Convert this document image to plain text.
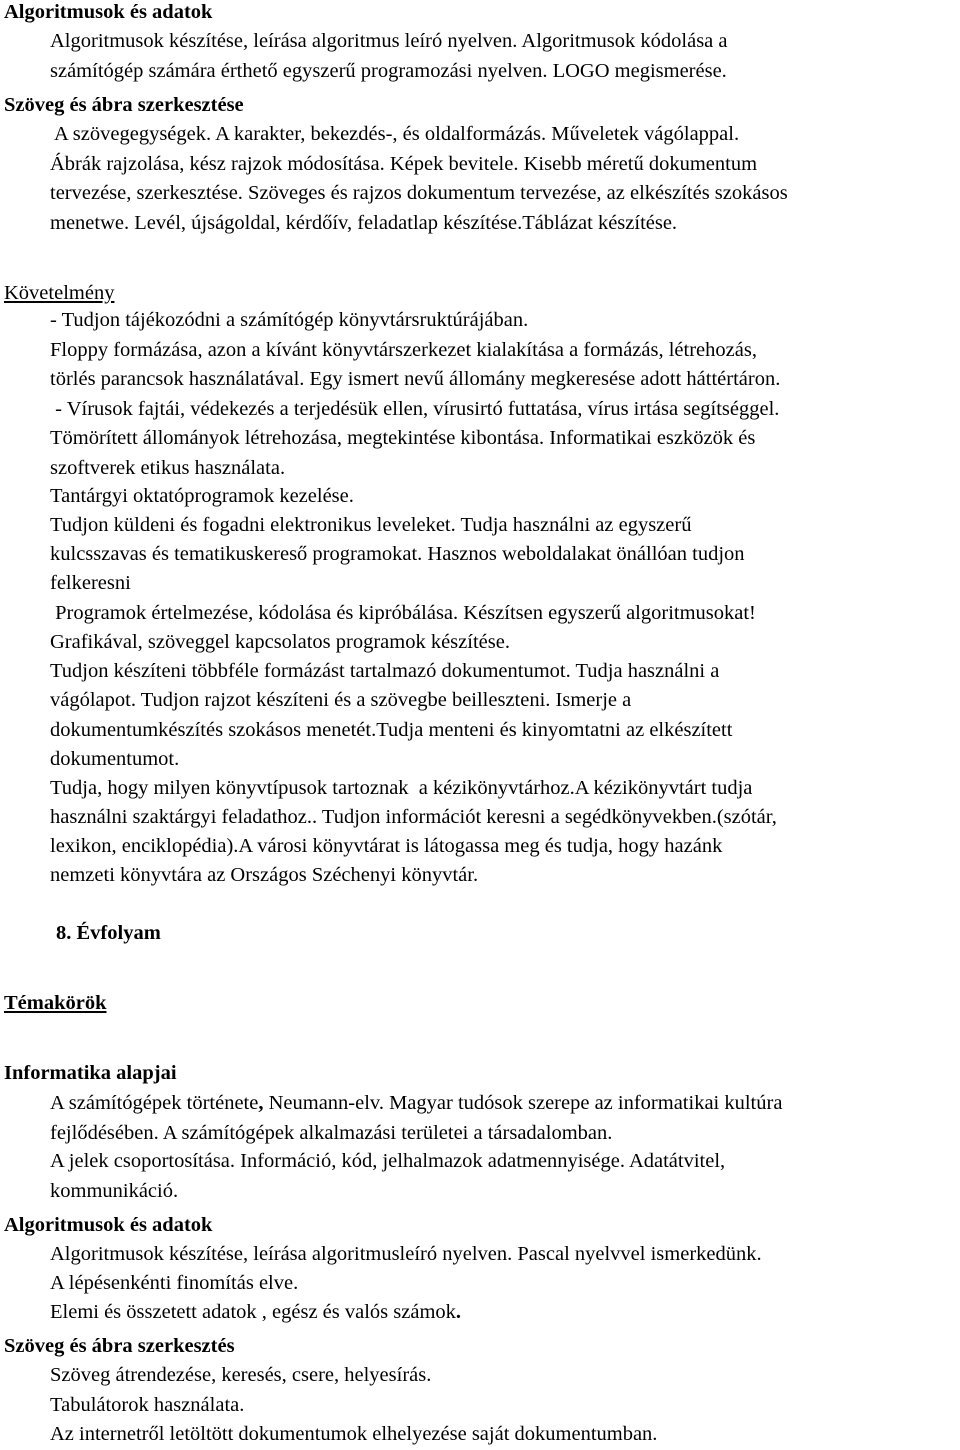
Algoritmusok és adatok
Algoritmusok készítése, leírása algoritmus leíró nyelven. Algoritmusok kódolása a
számítógép számára érthető egyszerű programozási nyelven. LOGO megismerése.
Szöveg és ábra szerkesztése
A szövegegységek. A karakter, bekezdés-, és oldalformázás. Műveletek vágólappal.
Ábrák rajzolása, kész rajzok módosítása. Képek bevitele. Kisebb méretű dokumentum
tervezése, szerkesztése. Szöveges és rajzos dokumentum tervezése, az elkészítés szokásos
menetwe. Levél, újságoldal, kérdőív, feladatlap készítése.Táblázat készítése.
Követelmény
- Tudjon tájékozódni a számítógép könyvtársruktúrájában.
Floppy formázása, azon a kívánt könyvtárszerkezet kialakítása a formázás, létrehozás,
törlés parancsok használatával. Egy ismert nevű állomány megkeresése adott háttértáron.
- Vírusok fajtái, védekezés a terjedésük ellen, vírusirtó futtatása, vírus irtása segítséggel.
Tömörített állományok létrehozása, megtekintése kibontása. Informatikai eszközök és
szoftverek etikus használata.
Tantárgyi oktatóprogramok kezelése.
Tudjon küldeni és fogadni elektronikus leveleket. Tudja használni az egyszerű
kulcsszavas és tematikuskereső programokat. Hasznos weboldalakat önállóan tudjon
felkeresni
Programok értelmezése, kódolása és kipróbálása. Készítsen egyszerű algoritmusokat!
Grafikával, szöveggel kapcsolatos programok készítése.
Tudjon készíteni többféle formázást tartalmazó dokumentumot. Tudja használni a
vágólapot. Tudjon rajzot készíteni és a szövegbe beilleszteni. Ismerje a
dokumentumkészítés szokásos menetét.Tudja menteni és kinyomtatni az elkészített
dokumentumot.
Tudja, hogy milyen könyvtípusok tartoznak  a kézikönyvtárhoz.A kézikönyvtárt tudja
használni szaktárgyi feladathoz.. Tudjon információt keresni a segédkönyvekben.(szótár,
lexikon, enciklopédia).A városi könyvtárat is látogassa meg és tudja, hogy hazánk
nemzeti könyvtára az Országos Széchenyi könyvtár.
8. Évfolyam
Témakörök
Informatika alapjai
A számítógépek története, Neumann-elv. Magyar tudósok szerepe az informatikai kultúra
fejlődésében. A számítógépek alkalmazási területei a társadalomban.
A jelek csoportosítása. Információ, kód, jelhalmazok adatmennyisége. Adatátvitel,
kommunikáció.
Algoritmusok és adatok
Algoritmusok készítése, leírása algoritmusleíró nyelven. Pascal nyelvvel ismerkedünk.
A lépésenkénti finomítás elve.
Elemi és összetett adatok , egész és valós számok.
Szöveg és ábra szerkesztés
Szöveg átrendezése, keresés, csere, helyesírás.
Tabulátorok használata.
Az internetről letöltött dokumentumok elhelyezése saját dokumentumban.
